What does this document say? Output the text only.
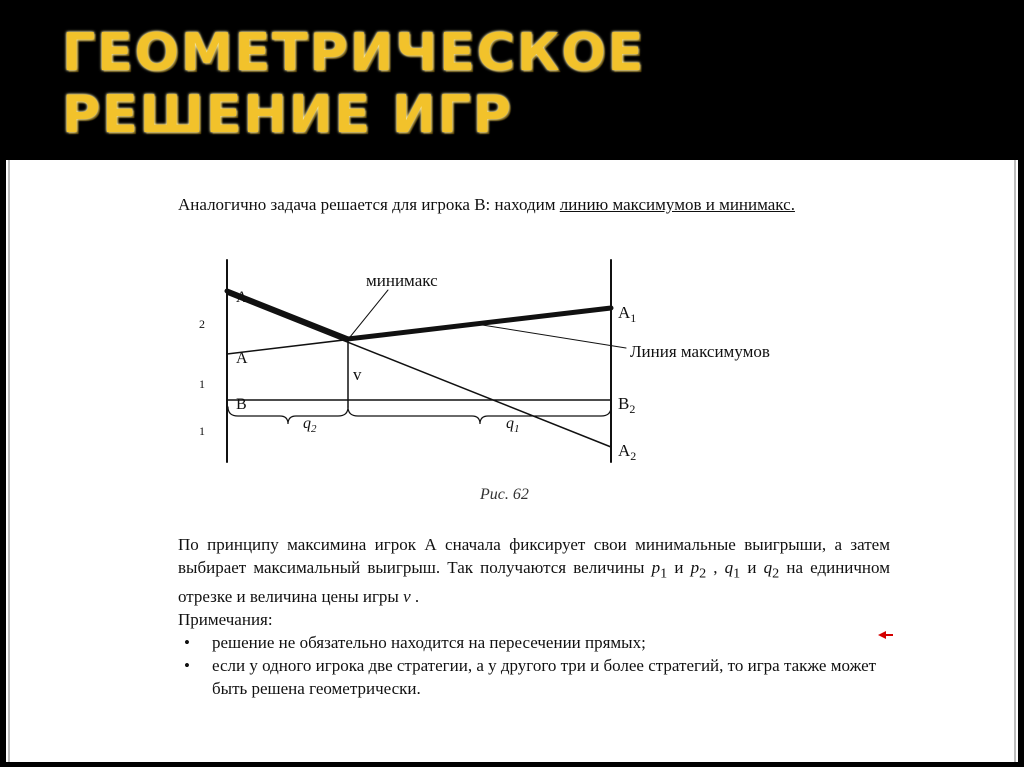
ГЕОМЕТРИЧЕСКОЕ РЕШЕНИЕ ИГР
Аналогично задача решается для игрока В: находим линию максимумов и минимакс.
минимакс
Линия максимумов
A
A
B
v
$A_1$
$B_2$
$A_2$
$q_2$	$q_1$
2
1
1
Рис. 62
По принципу максимина игрок А сначала фиксирует свои минимальные выигрыши, а затем выбирает максимальный выигрыш. Так получаются величины $p_1$ и $p_2$ , $q_1$ и $q_2$ на единичном отрезке и величина цены игры v .
Примечания:
• решение не обязательно находится на пересечении прямых;
• если у одного игрока две стратегии, а у другого три и более стратегий, то игра также может быть решена геометрически.
